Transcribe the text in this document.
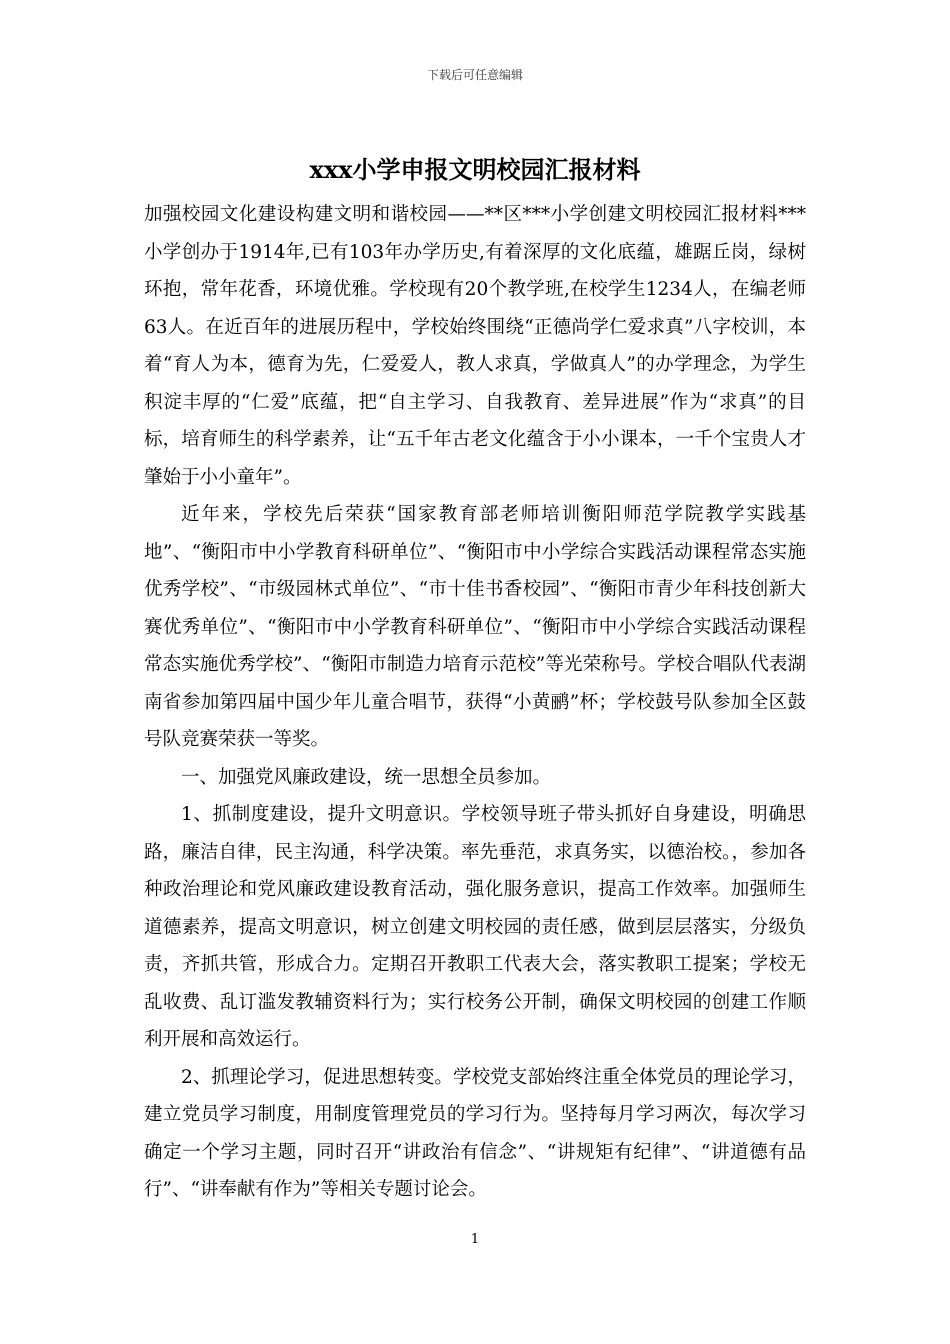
下载后可任意编辑
xxx小学申报文明校园汇报材料

加强校园文化建设构建文明和谐校园——**区***小学创建文明校园汇报材料***小学创办于1914年,已有103年办学历史,有着深厚的文化底蕴，雄踞丘岗，绿树环抱，常年花香，环境优雅。学校现有20个教学班,在校学生1234人，在编老师63人。在近百年的进展历程中，学校始终围绕“正德尚学仁爱求真”八字校训，本着“育人为本，德育为先，仁爱爱人，教人求真，学做真人”的办学理念，为学生积淀丰厚的“仁爱”底蕴，把“自主学习、自我教育、差异进展”作为“求真”的目标，培育师生的科学素养，让“五千年古老文化蕴含于小小课本，一千个宝贵人才肇始于小小童年”。

近年来，学校先后荣获“国家教育部老师培训衡阳师范学院教学实践基地”、“衡阳市中小学教育科研单位”、“衡阳市中小学综合实践活动课程常态实施优秀学校”、“市级园林式单位”、“市十佳书香校园”、“衡阳市青少年科技创新大赛优秀单位”、“衡阳市中小学教育科研单位”、“衡阳市中小学综合实践活动课程常态实施优秀学校”、“衡阳市制造力培育示范校”等光荣称号。学校合唱队代表湖南省参加第四届中国少年儿童合唱节，获得“小黄鹂”杯；学校鼓号队参加全区鼓号队竞赛荣获一等奖。

一、加强党风廉政建设，统一思想全员参加。

1、抓制度建设，提升文明意识。学校领导班子带头抓好自身建设，明确思路，廉洁自律，民主沟通，科学决策。率先垂范，求真务实，以德治校。，参加各种政治理论和党风廉政建设教育活动，强化服务意识，提高工作效率。加强师生道德素养，提高文明意识，树立创建文明校园的责任感，做到层层落实，分级负责，齐抓共管，形成合力。定期召开教职工代表大会，落实教职工提案；学校无乱收费、乱订滥发教辅资料行为；实行校务公开制，确保文明校园的创建工作顺利开展和高效运行。

2、抓理论学习，促进思想转变。学校党支部始终注重全体党员的理论学习，建立党员学习制度，用制度管理党员的学习行为。坚持每月学习两次，每次学习确定一个学习主题，同时召开“讲政治有信念”、“讲规矩有纪律”、“讲道德有品行”、“讲奉献有作为”等相关专题讨论会。

1
